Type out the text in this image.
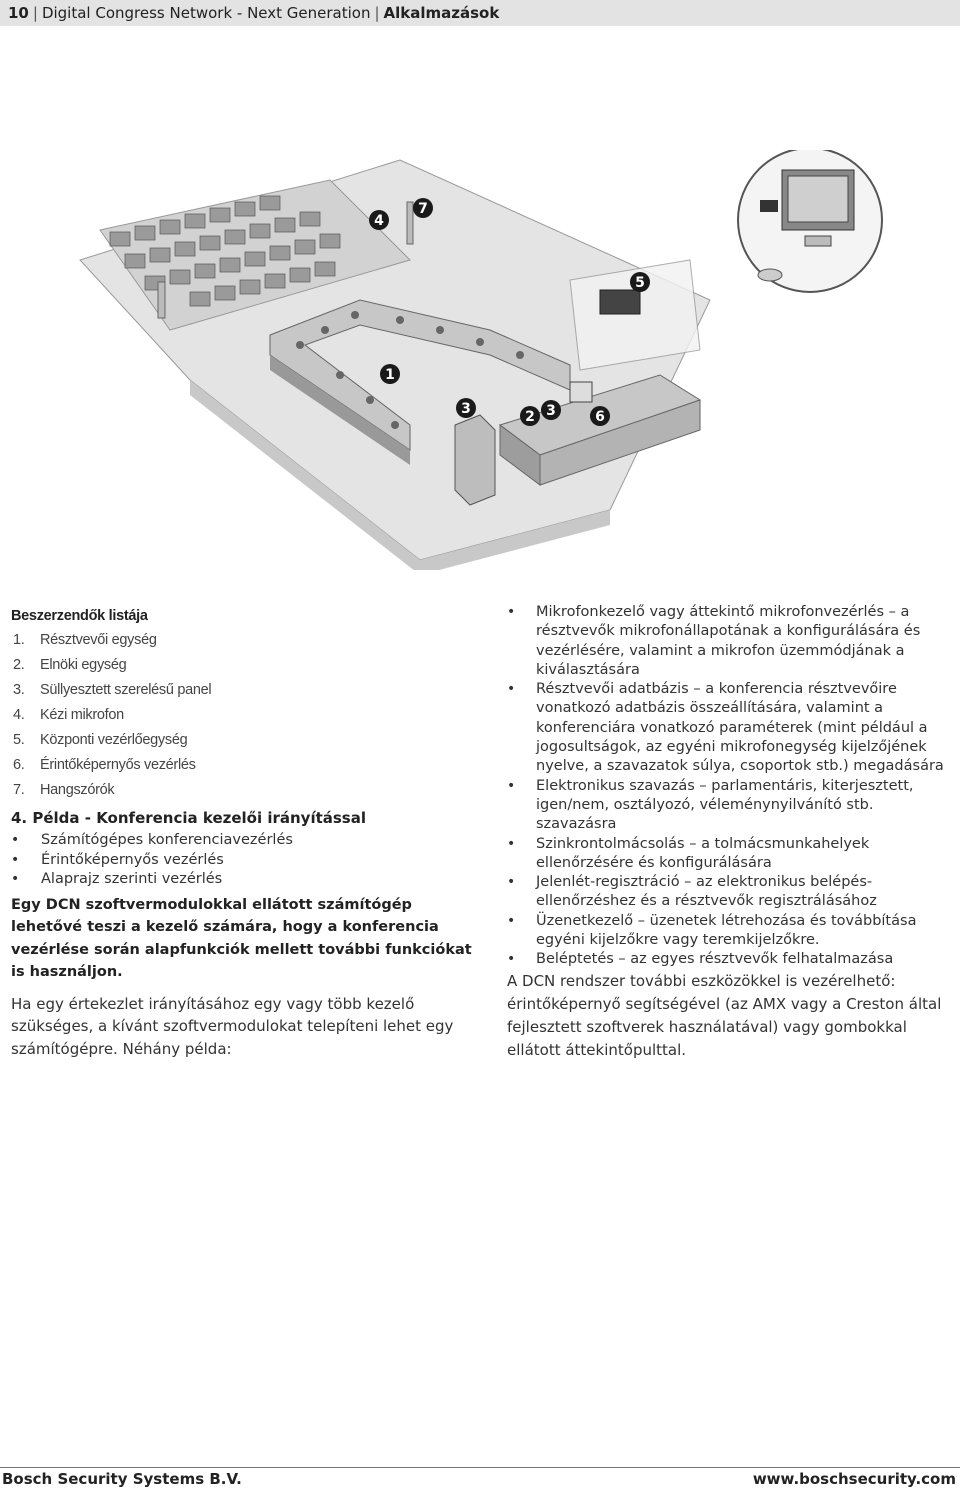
10 | Digital Congress Network - Next Generation | Alkalmazások
4
7
5
1
3	2 3	6
Beszerzendők listája
1. Résztvevői egység
2. Elnöki egység
3. Süllyesztett szerelésű panel
4. Kézi mikrofon
5. Központi vezérlőegység
6. Érintőképernyős vezérlés
7. Hangszórók
4. Példa - Konferencia kezelői irányítással
• Számítógépes konferenciavezérlés
• Érintőképernyős vezérlés
• Alaprajz szerinti vezérlés
Egy DCN szoftvermodulokkal ellátott számítógép lehetővé teszi a kezelő számára, hogy a konferencia vezérlése során alapfunkciók mellett további funkciókat is használjon.
Ha egy értekezlet irányításához egy vagy több kezelő szükséges, a kívánt szoftvermodulokat telepíteni lehet egy számítógépre. Néhány példa:
• Mikrofonkezelő vagy áttekintő mikrofonvezérlés – a résztvevők mikrofonállapotának a konfigurálására és vezérlésére, valamint a mikrofon üzemmódjának a kiválasztására
• Résztvevői adatbázis – a konferencia résztvevőire vonatkozó adatbázis összeállítására, valamint a konferenciára vonatkozó paraméterek (mint például a jogosultságok, az egyéni mikrofonegység kijelzőjének nyelve, a szavazatok súlya, csoportok stb.) megadására
• Elektronikus szavazás – parlamentáris, kiterjesztett, igen/nem, osztályozó, véleménynyilvánító stb. szavazásra
• Szinkrontolmácsolás – a tolmácsmunkahelyek ellenőrzésére és konfigurálására
• Jelenlét-regisztráció – az elektronikus belépés-ellenőrzéshez és a résztvevők regisztrálásához
• Üzenetkezelő – üzenetek létrehozása és továbbítása egyéni kijelzőkre vagy teremkijelzőkre.
• Beléptetés – az egyes résztvevők felhatalmazása
A DCN rendszer további eszközökkel is vezérelhető: érintőképernyő segítségével (az AMX vagy a Creston által fejlesztett szoftverek használatával) vagy gombokkal ellátott áttekintőpulttal.
Bosch Security Systems B.V.	www.boschsecurity.com
